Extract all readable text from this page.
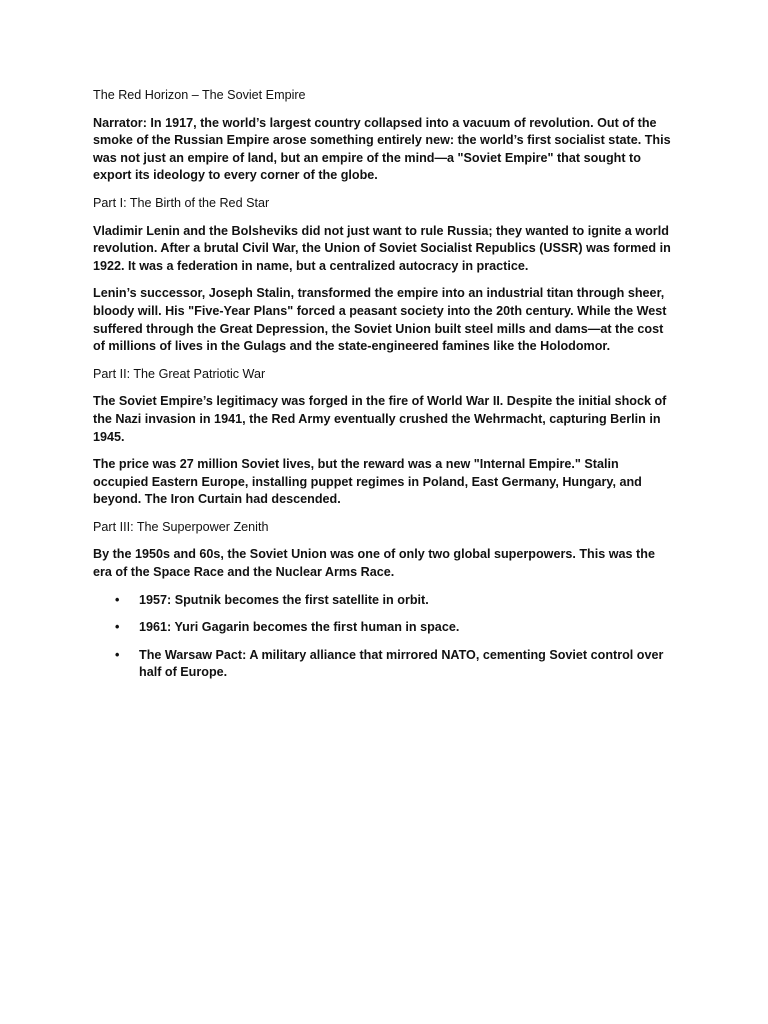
The Red Horizon – The Soviet Empire

Narrator: In 1917, the world’s largest country collapsed into a vacuum of revolution. Out of the smoke of the Russian Empire arose something entirely new: the world’s first socialist state. This was not just an empire of land, but an empire of the mind—a "Soviet Empire" that sought to export its ideology to every corner of the globe.

Part I: The Birth of the Red Star

Vladimir Lenin and the Bolsheviks did not just want to rule Russia; they wanted to ignite a world revolution. After a brutal Civil War, the Union of Soviet Socialist Republics (USSR) was formed in 1922. It was a federation in name, but a centralized autocracy in practice.

Lenin’s successor, Joseph Stalin, transformed the empire into an industrial titan through sheer, bloody will. His "Five-Year Plans" forced a peasant society into the 20th century. While the West suffered through the Great Depression, the Soviet Union built steel mills and dams—at the cost of millions of lives in the Gulags and the state-engineered famines like the Holodomor.

Part II: The Great Patriotic War

The Soviet Empire’s legitimacy was forged in the fire of World War II. Despite the initial shock of the Nazi invasion in 1941, the Red Army eventually crushed the Wehrmacht, capturing Berlin in 1945.

The price was 27 million Soviet lives, but the reward was a new "Internal Empire." Stalin occupied Eastern Europe, installing puppet regimes in Poland, East Germany, Hungary, and beyond. The Iron Curtain had descended.

Part III: The Superpower Zenith

By the 1950s and 60s, the Soviet Union was one of only two global superpowers. This was the era of the Space Race and the Nuclear Arms Race.

• 1957: Sputnik becomes the first satellite in orbit.
• 1961: Yuri Gagarin becomes the first human in space.
• The Warsaw Pact: A military alliance that mirrored NATO, cementing Soviet control over half of Europe.
